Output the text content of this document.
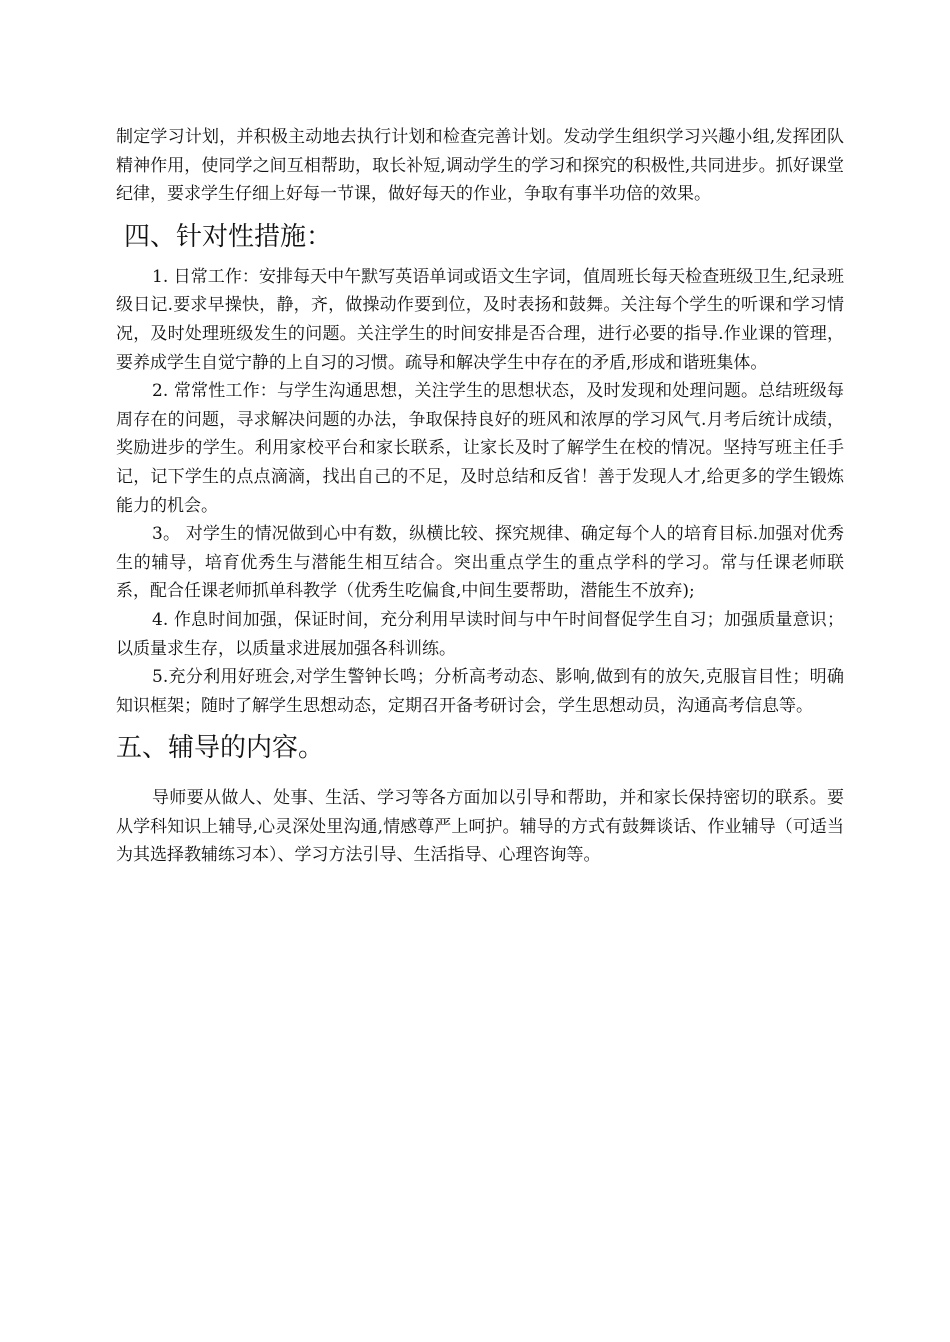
制定学习计划，并积极主动地去执行计划和检查完善计划。发动学生组织学习兴趣小组,发挥团队精神作用，使同学之间互相帮助，取长补短,调动学生的学习和探究的积极性,共同进步。抓好课堂纪律，要求学生仔细上好每一节课，做好每天的作业，争取有事半功倍的效果。

四、针对性措施：

1. 日常工作：安排每天中午默写英语单词或语文生字词，值周班长每天检查班级卫生,纪录班级日记.要求早操快，静，齐，做操动作要到位，及时表扬和鼓舞。关注每个学生的听课和学习情况，及时处理班级发生的问题。关注学生的时间安排是否合理，进行必要的指导.作业课的管理，要养成学生自觉宁静的上自习的习惯。疏导和解决学生中存在的矛盾,形成和谐班集体。

2. 常常性工作：与学生沟通思想，关注学生的思想状态，及时发现和处理问题。总结班级每周存在的问题，寻求解决问题的办法，争取保持良好的班风和浓厚的学习风气.月考后统计成绩，奖励进步的学生。利用家校平台和家长联系，让家长及时了解学生在校的情况。坚持写班主任手记，记下学生的点点滴滴，找出自己的不足，及时总结和反省！善于发现人才,给更多的学生锻炼能力的机会。

3。 对学生的情况做到心中有数，纵横比较、探究规律、确定每个人的培育目标.加强对优秀生的辅导，培育优秀生与潜能生相互结合。突出重点学生的重点学科的学习。常与任课老师联系，配合任课老师抓单科教学（优秀生吃偏食,中间生要帮助，潜能生不放弃);

4. 作息时间加强，保证时间，充分利用早读时间与中午时间督促学生自习；加强质量意识；以质量求生存，以质量求进展加强各科训练。

5.充分利用好班会,对学生警钟长鸣；分析高考动态、影响,做到有的放矢,克服盲目性；明确知识框架；随时了解学生思想动态，定期召开备考研讨会，学生思想动员，沟通高考信息等。

五、辅导的内容。

导师要从做人、处事、生活、学习等各方面加以引导和帮助，并和家长保持密切的联系。要从学科知识上辅导,心灵深处里沟通,情感尊严上呵护。辅导的方式有鼓舞谈话、作业辅导（可适当为其选择教辅练习本）、学习方法引导、生活指导、心理咨询等。
